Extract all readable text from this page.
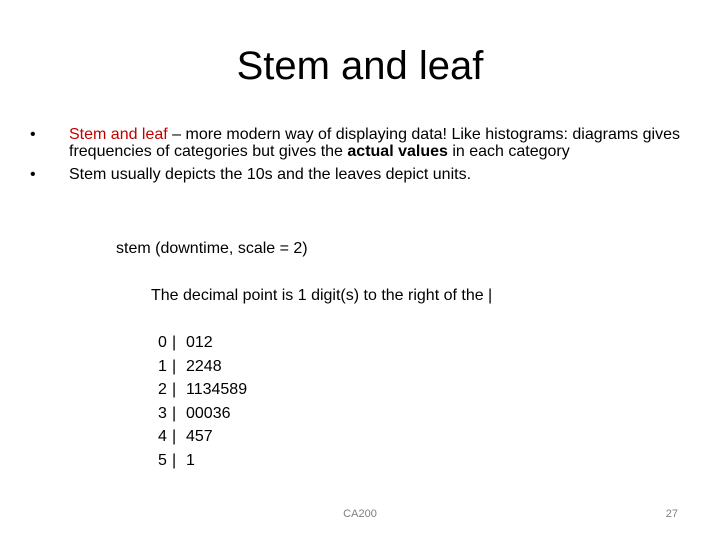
Stem and leaf
•	Stem and leaf – more modern way of displaying data! Like histograms: diagrams gives frequencies of categories but gives the actual values in each category
•	Stem usually depicts the 10s and the leaves depict units.
stem (downtime, scale = 2)
The decimal point is 1 digit(s) to the right of the |
0 | 012
1 | 2248
2 | 1134589
3 | 00036
4 | 457
5 | 1
CA200	27
